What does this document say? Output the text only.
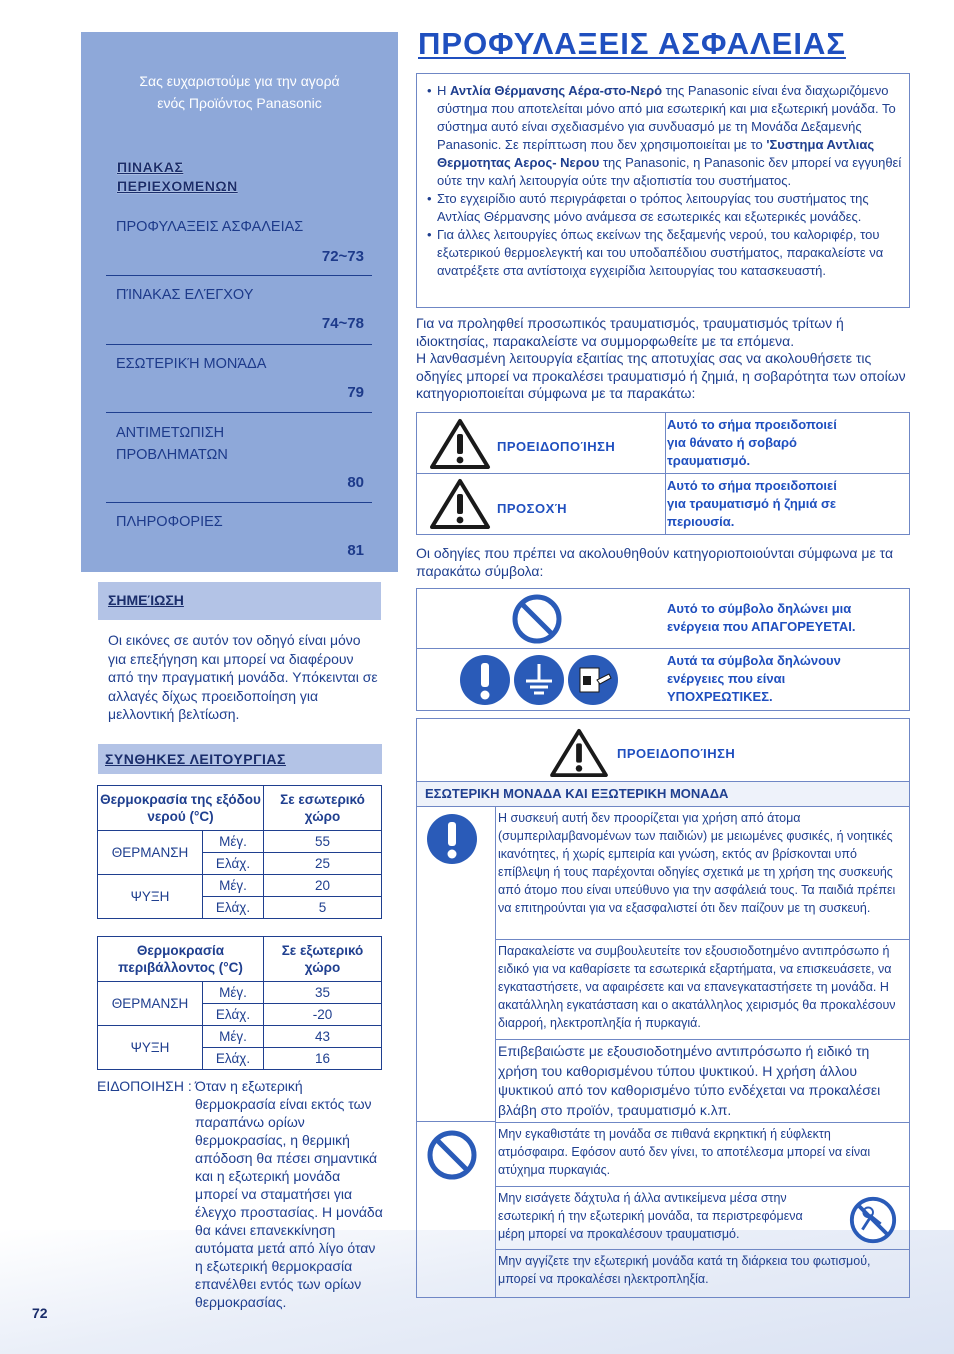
Σας ευχαριστούμε για την αγορά
ενός Προϊόντος Panasonic
ΠΙΝΑΚΑΣ
ΠΕΡΙΕΧΟΜΕΝΩΝ
ΠΡΟΦΥΛΑΞΕΙΣ ΑΣΦΑΛΕΙΑΣ
72~73
ΠΊΝΑΚΑΣ ΕΛΈΓΧΟΥ
74~78
ΕΣΩΤΕΡΙΚΉ ΜΟΝΆΔΑ
79
ΑΝΤΙΜΕΤΩΠΙΣΗ
ΠΡΟΒΛΗΜΑΤΩΝ
80
ΠΛΗΡΟΦΟΡΙΕΣ
81
ΣΗΜΕΊΩΣΗ
Οι εικόνες σε αυτόν τον οδηγό είναι μόνο για επεξήγηση και μπορεί να διαφέρουν από την πραγματική μονάδα. Υπόκεινται σε αλλαγές δίχως προειδοποίηση για μελλοντική βελτίωση.
ΣΥΝΘΗΚΕΣ ΛΕΙΤΟΥΡΓΙΑΣ
Θερμοκρασία της εξόδου νερού (°C)		Σε εσωτερικό χώρο
ΘΕΡΜΑΝΣΗ	Μέγ.	55
	Ελάχ.	25
ΨΥΞΗ	Μέγ.	20
	Ελάχ.	5
Θερμοκρασία περιβάλλοντος (°C)		Σε εξωτερικό χώρο
ΘΕΡΜΑΝΣΗ	Μέγ.	35
	Ελάχ.	-20
ΨΥΞΗ	Μέγ.	43
	Ελάχ.	16
ΕΙΔΟΠΟΙΗΣΗ : Όταν η εξωτερική θερμοκρασία είναι εκτός των παραπάνω ορίων θερμοκρασίας, η θερμική απόδοση θα πέσει σημαντικά και η εξωτερική μονάδα μπορεί να σταματήσει για έλεγχο προστασίας. Η μονάδα θα κάνει επανεκκίνηση αυτόματα μετά από λίγο όταν η εξωτερική θερμοκρασία επανέλθει εντός των ορίων θερμοκρασίας.
72
ΠΡΟΦΥΛΑΞΕΙΣ ΑΣΦΑΛΕΙΑΣ
• Η Αντλία Θέρμανσης Αέρα-στο-Νερό της Panasonic είναι ένα διαχωριζόμενο σύστημα που αποτελείται μόνο από μια εσωτερική και μια εξωτερική μονάδα. Το σύστημα αυτό είναι σχεδιασμένο για συνδυασμό με τη Μονάδα Δεξαμενής Panasonic. Σε περίπτωση που δεν χρησιμοποιείται με το 'Συστημα Αντλιας Θερμοτητας Αερος- Νερου της Panasonic, η Panasonic δεν μπορεί να εγγυηθεί ούτε την καλή λειτουργία ούτε την αξιοπιστία του συστήματος.
• Στο εγχειρίδιο αυτό περιγράφεται ο τρόπος λειτουργίας του συστήματος της Αντλίας Θέρμανσης μόνο ανάμεσα σε εσωτερικές και εξωτερικές μονάδες.
• Για άλλες λειτουργίες όπως εκείνων της δεξαμενής νερού, του καλοριφέρ, του εξωτερικού θερμοελεγκτή και του υποδαπέδιου συστήματος, παρακαλείστε να ανατρέξετε στα αντίστοιχα εγχειρίδια λειτουργίας του κατασκευαστή.
Για να προληφθεί προσωπικός τραυματισμός, τραυματισμός τρίτων ή ιδιοκτησίας, παρακαλείστε να συμμορφωθείτε με τα επόμενα.
Η λανθασμένη λειτουργία εξαιτίας της αποτυχίας σας να ακολουθήσετε τις οδηγίες μπορεί να προκαλέσει τραυματισμό ή ζημιά, η σοβαρότητα των οποίων κατηγοριοποιείται σύμφωνα με τα παρακάτω:
ΠΡΟΕΙΔΟΠΟΊΗΣΗ
Αυτό το σήμα προειδοποιεί
για θάνατο ή σοβαρό
τραυματισμό.
ΠΡΟΣΟΧΉ
Αυτό το σήμα προειδοποιεί
για τραυματισμό ή ζημιά σε
περιουσία.
Οι οδηγίες που πρέπει να ακολουθηθούν κατηγοριοποιούνται σύμφωνα με τα παρακάτω σύμβολα:
Αυτό το σύμβολο δηλώνει μια
ενέργεια που ΑΠΑΓΟΡΕΥΕΤΑΙ.
Αυτά τα σύμβολα δηλώνουν
ενέργειες που είναι
ΥΠΟΧΡΕΩΤΙΚΕΣ.
ΠΡΟΕΙΔΟΠΟΊΗΣΗ
ΕΣΩΤΕΡΙΚΗ ΜΟΝΑΔΑ ΚΑΙ ΕΞΩΤΕΡΙΚΗ ΜΟΝΑΔΑ
Η συσκευή αυτή δεν προορίζεται για χρήση από άτομα (συμπεριλαμβανομένων των παιδιών) με μειωμένες φυσικές, ή νοητικές ικανότητες, ή χωρίς εμπειρία και γνώση, εκτός αν βρίσκονται υπό επίβλεψη ή τους παρέχονται οδηγίες σχετικά με τη χρήση της συσκευής από άτομο που είναι υπεύθυνο για την ασφάλειά τους. Τα παιδιά πρέπει να επιτηρούνται για να εξασφαλιστεί ότι δεν παίζουν με τη συσκευή.
Παρακαλείστε να συμβουλευτείτε τον εξουσιοδοτημένο αντιπρόσωπο ή ειδικό για να καθαρίσετε τα εσωτερικά εξαρτήματα, να επισκευάσετε, να εγκαταστήσετε, να αφαιρέσετε και να επανεγκαταστήσετε τη μονάδα. Η ακατάλληλη εγκατάσταση και ο ακατάλληλος χειρισμός θα προκαλέσουν διαρροή, ηλεκτροπληξία ή πυρκαγιά.
Επιβεβαιώστε με εξουσιοδοτημένο αντιπρόσωπο ή ειδικό τη χρήση του καθορισμένου τύπου ψυκτικού. Η χρήση άλλου ψυκτικού από τον καθορισμένο τύπο ενδέχεται να προκαλέσει βλάβη στο προϊόν, τραυματισμό κ.λπ.
Μην εγκαθιστάτε τη μονάδα σε πιθανά εκρηκτική ή εύφλεκτη ατμόσφαιρα. Εφόσον αυτό δεν γίνει, το αποτέλεσμα μπορεί να είναι ατύχημα πυρκαγιάς.
Μην εισάγετε δάχτυλα ή άλλα αντικείμενα μέσα στην εσωτερική ή την εξωτερική μονάδα, τα περιστρεφόμενα μέρη μπορεί να προκαλέσουν τραυματισμό.
Μην αγγίζετε την εξωτερική μονάδα κατά τη διάρκεια του φωτισμού, μπορεί να προκαλέσει ηλεκτροπληξία.
